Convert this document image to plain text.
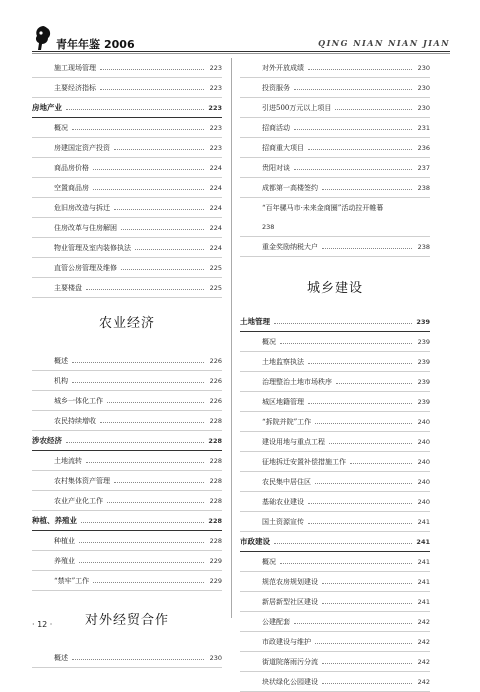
青年年鉴 2006	QING NIAN NIAN JIAN
施工现场管理	223
主要经济指标	223
房地产业	223
概况	223
房建国定资产投资	223
商品房价格	224
空置商品房	224
危旧房改造与拆迁	224
住房改革与住房解困	224
物业管理及室内装修执法	224
直管公房管理及维修	225
主要楼盘	225
农业经济
概述	226
机构	226
城乡一体化工作	226
农民持续增收	228
涉农经济	228
土地流转	228
农村集体资产管理	228
农业产业化工作	228
种植、养殖业	228
种植业	228
养殖业	229
“禁牢”工作	229
对外经贸合作
概述	230
对外开放成绩	230
投资服务	230
引进500万元以上项目	230
招商活动	231
招商重大项目	236
贵阳对谈	237
成都第一高楼签约	238
“百年骡马市·未来金商圈”活动拉开帷幕
238
重金奖励纳税大户	238
城乡建设
土地管理	239
概况	239
土地监察执法	239
治理整治土地市场秩序	239
城区地籍管理	239
“拆院并院”工作	240
建设用地与重点工程	240
征地拆迁安置补偿措施工作	240
农民集中居住区	240
基础农业建设	240
国土资源宣传	241
市政建设	241
概况	241
规范农房规划建设	241
新居新型社区建设	241
公建配套	242
市政建设与维护	242
街道院落雨污分流	242
块状绿化公园建设	242
· 12 ·
